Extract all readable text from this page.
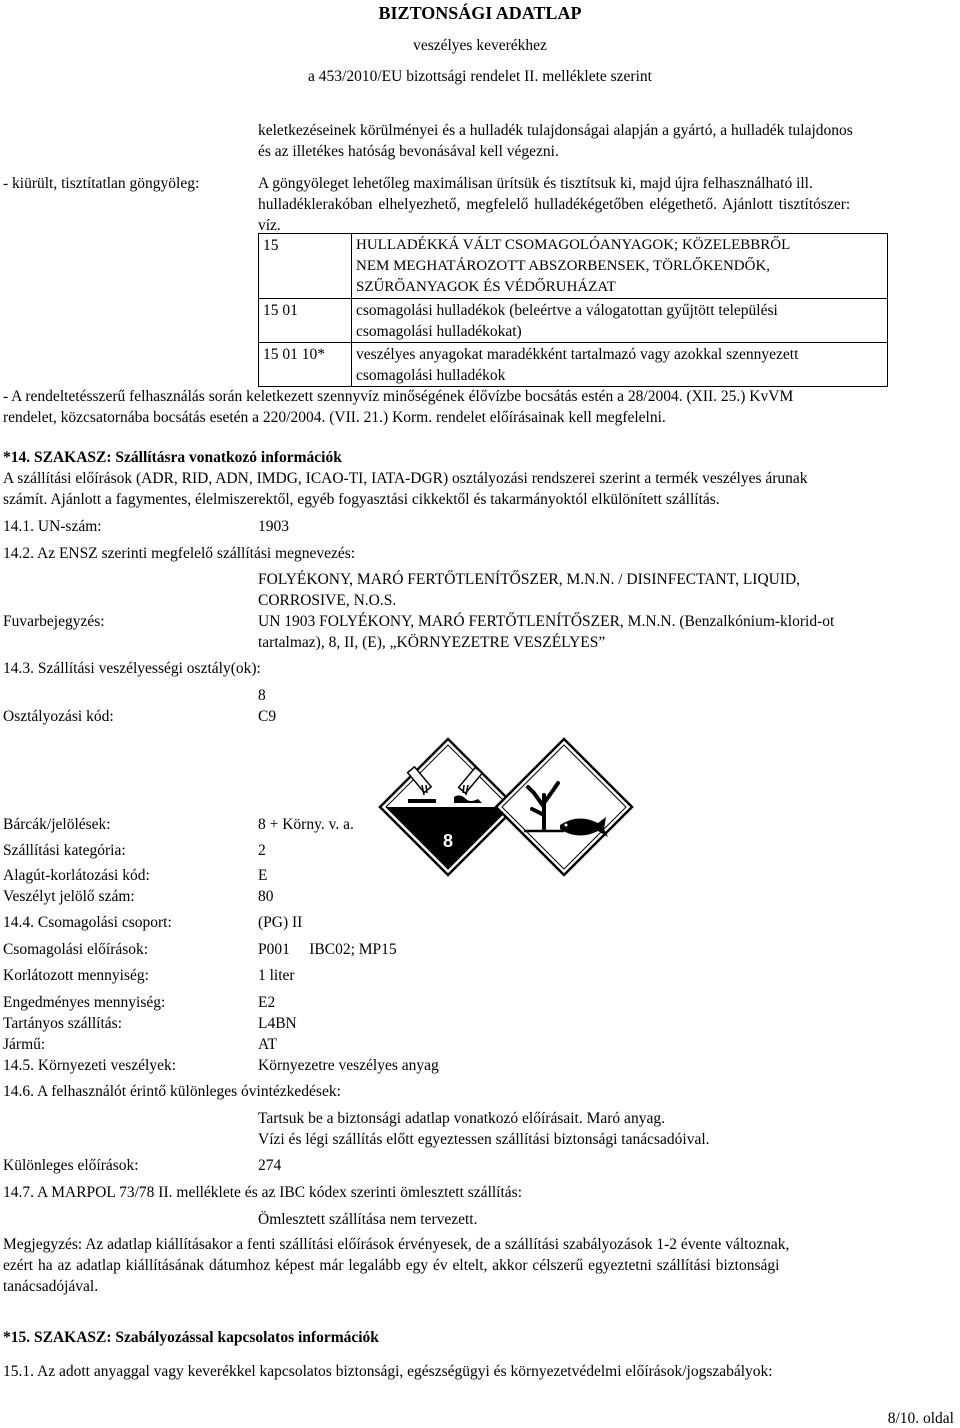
BIZTONSÁGI ADATLAP
veszélyes keverékhez
a 453/2010/EU bizottsági rendelet II. melléklete szerint
keletkezéseinek körülményei és a hulladék tulajdonságai alapján a gyártó, a hulladék tulajdonos
és az illetékes hatóság bevonásával kell végezni.
- kiürült, tisztítatlan göngyöleg:	A göngyöleget lehetőleg maximálisan ürítsük és tisztítsuk ki, majd újra felhasználható ill.
hulladéklerakóban elhelyezhető, megfelelő hulladékégetőben elégethető. Ajánlott tisztítószer:
víz.
15	HULLADÉKKÁ VÁLT CSOMAGOLÓANYAGOK; KÖZELEBBRŐL
NEM MEGHATÁROZOTT ABSZORBENSEK, TÖRLŐKENDŐK,
SZŰRŐANYAGOK ÉS VÉDŐRUHÁZAT

15 01	csomagolási hulladékok (beleértve a válogatottan gyűjtött települési
csomagolási hulladékokat)

15 01 10*	veszélyes anyagokat maradékként tartalmazó vagy azokkal szennyezett
csomagolási hulladékok
- A rendeltetésszerű felhasználás során keletkezett szennyvíz minőségének élővízbe bocsátás estén a 28/2004. (XII. 25.) KvVM
rendelet, közcsatornába bocsátás esetén a 220/2004. (VII. 21.) Korm. rendelet előírásainak kell megfelelni.
*14. SZAKASZ: Szállításra vonatkozó információk
A szállítási előírások (ADR, RID, ADN, IMDG, ICAO-TI, IATA-DGR) osztályozási rendszerei szerint a termék veszélyes árunak
számít. Ajánlott a fagymentes, élelmiszerektől, egyéb fogyasztási cikkektől és takarmányoktól elkülönített szállítás.
14.1. UN-szám:	1903
14.2. Az ENSZ szerinti megfelelő szállítási megnevezés:
FOLYÉKONY, MARÓ FERTŐTLENÍTŐSZER, M.N.N. / DISINFECTANT, LIQUID,
CORROSIVE, N.O.S.
Fuvarbejegyzés:	UN 1903 FOLYÉKONY, MARÓ FERTŐTLENÍTŐSZER, M.N.N. (Benzalkónium-klorid-ot
tartalmaz), 8, II, (E), „KÖRNYEZETRE VESZÉLYES”
14.3. Szállítási veszélyességi osztály(ok):
8
Osztályozási kód:	C9
8
Bárcák/jelölések:	8 + Körny. v. a.
Szállítási kategória:	2
Alagút-korlátozási kód:	E
Veszélyt jelölő szám:	80
14.4. Csomagolási csoport:	(PG) II
Csomagolási előírások:	P001  IBC02; MP15
Korlátozott mennyiség:	1 liter
Engedményes mennyiség:	E2
Tartányos szállítás:	L4BN
Jármű:	AT
14.5. Környezeti veszélyek:	Környezetre veszélyes anyag
14.6. A felhasználót érintő különleges óvintézkedések:
Tartsuk be a biztonsági adatlap vonatkozó előírásait. Maró anyag.
Vízi és légi szállítás előtt egyeztessen szállítási biztonsági tanácsadóival.
Különleges előírások:	274
14.7. A MARPOL 73/78 II. melléklete és az IBC kódex szerinti ömlesztett szállítás:
Ömlesztett szállítása nem tervezett.
Megjegyzés: Az adatlap kiállításakor a fenti szállítási előírások érvényesek, de a szállítási szabályozások 1-2 évente változnak,
ezért ha az adatlap kiállításának dátumhoz képest már legalább egy év eltelt, akkor célszerű egyeztetni szállítási biztonsági
tanácsadójával.
*15. SZAKASZ: Szabályozással kapcsolatos információk
15.1. Az adott anyaggal vagy keverékkel kapcsolatos biztonsági, egészségügyi és környezetvédelmi előírások/jogszabályok:
8/10. oldal
